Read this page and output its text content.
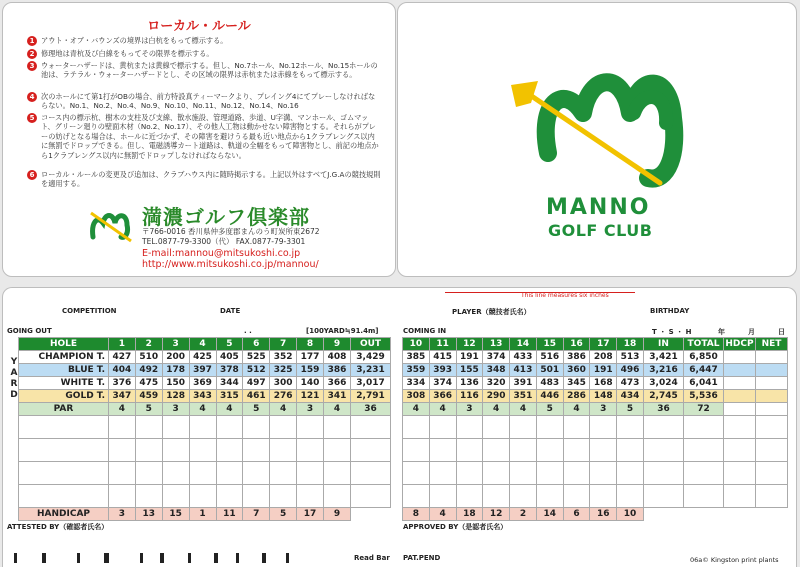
ローカル・ルール
1 アウト・オブ・バウンズの境界は白杭をもって標示する。
2 修理地は青杭及び白線をもってその限界を標示する。
3 ウォーターハザードは、黄杭または黄線で標示する。但し、No.7ホール、No.12ホール、No.15ホールの池は、ラテラル・ウォーターハザードとし、その区域の限界は赤杭または赤線をもって標示する。
4 次のホールにて第1打がOBの場合、前方特設真ティーマークより、プレイング4にてプレーしなければならない。No.1、No.2、No.4、No.9、No.10、No.11、No.12、No.14、No.16
5 コース内の標示杭、樹木の支柱及び支線、散水施設、管理道路、歩道、U字溝、マンホール、ゴムマット、グリーン廻りの壁面木材（No.2、No.17）、その他人工物は動かせない障害物とする。それらがプレーの妨げとなる場合は、ホールに近づかず、その障害を避けうる最も近い地点から1クラブレングス以内に無罰でドロップできる。但し、電磁誘導カート道路は、軌道の全幅をもって障害物とし、前記の地点から1クラブレングス以内に無罰でドロップしなければならない。
6 ローカル・ルールの変更及び追加は、クラブハウス内に随時掲示する。上記以外はすべてJ.G.Aの競技規則を適用する。
満濃ゴルフ倶楽部
〒766-0016 香川県仲多度郡まんのう町炭所東2672
TEL.0877-79-3300（代） FAX.0877-79-3301
E-mail:mannou@mitsukoshi.co.jp
http://www.mitsukoshi.co.jp/mannou/
MANNO
GOLF CLUB
This line measures six inches
COMPETITION	DATE	PLAYER（競技者氏名）	BIRTHDAY
GOING OUT	. .	[100YARD≒91.4m]	COMING IN	T ・ S ・ H	年	月	日
Y
A
R
D
HOLE	1	2	3	4	5	6	7	8	9	OUT
CHAMPION T.	427	510	200	425	405	525	352	177	408	3,429
BLUE T.	404	492	178	397	378	512	325	159	386	3,231
WHITE T.	376	475	150	369	344	497	300	140	366	3,017
GOLD T.	347	459	128	343	315	461	276	121	341	2,791
PAR	4	5	3	4	4	5	4	3	4	36

HANDICAP	3	13	15	1	11	7	5	17	9	
10	11	12	13	14	15	16	17	18	IN	TOTAL	HDCP	NET
385	415	191	374	433	516	386	208	513	3,421	6,850		
359	393	155	348	413	501	360	191	496	3,216	6,447		
334	374	136	320	391	483	345	168	473	3,024	6,041		
308	366	116	290	351	446	286	148	434	2,745	5,536		
4	4	3	4	4	5	4	3	5	36	72		

8	4	18	12	2	14	6	16	10				
ATTESTED BY（確認者氏名）	APPROVED BY（是認者氏名）
Read Bar PAT.PEND	06a© Kingston print plants
